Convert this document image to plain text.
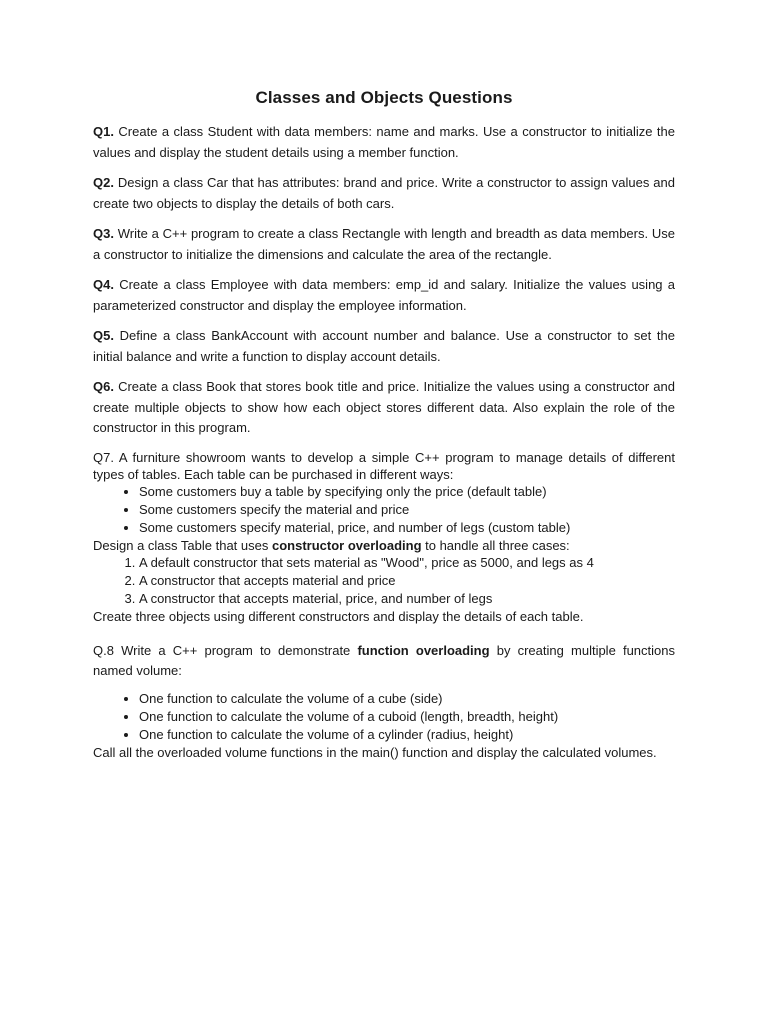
Classes and Objects Questions

Q1. Create a class Student with data members: name and marks. Use a constructor to initialize the values and display the student details using a member function.

Q2. Design a class Car that has attributes: brand and price. Write a constructor to assign values and create two objects to display the details of both cars.

Q3. Write a C++ program to create a class Rectangle with length and breadth as data members. Use a constructor to initialize the dimensions and calculate the area of the rectangle.

Q4. Create a class Employee with data members: emp_id and salary. Initialize the values using a parameterized constructor and display the employee information.

Q5. Define a class BankAccount with account number and balance. Use a constructor to set the initial balance and write a function to display account details.

Q6. Create a class Book that stores book title and price. Initialize the values using a constructor and create multiple objects to show how each object stores different data. Also explain the role of the constructor in this program.

Q7. A furniture showroom wants to develop a simple C++ program to manage details of different types of tables. Each table can be purchased in different ways:

• Some customers buy a table by specifying only the price (default table)
• Some customers specify the material and price
• Some customers specify material, price, and number of legs (custom table)

Design a class Table that uses constructor overloading to handle all three cases:

1. A default constructor that sets material as "Wood", price as 5000, and legs as 4
2. A constructor that accepts material and price
3. A constructor that accepts material, price, and number of legs

Create three objects using different constructors and display the details of each table.

Q.8 Write a C++ program to demonstrate function overloading by creating multiple functions named volume:

• One function to calculate the volume of a cube (side)
• One function to calculate the volume of a cuboid (length, breadth, height)
• One function to calculate the volume of a cylinder (radius, height)

Call all the overloaded volume functions in the main() function and display the calculated volumes.
